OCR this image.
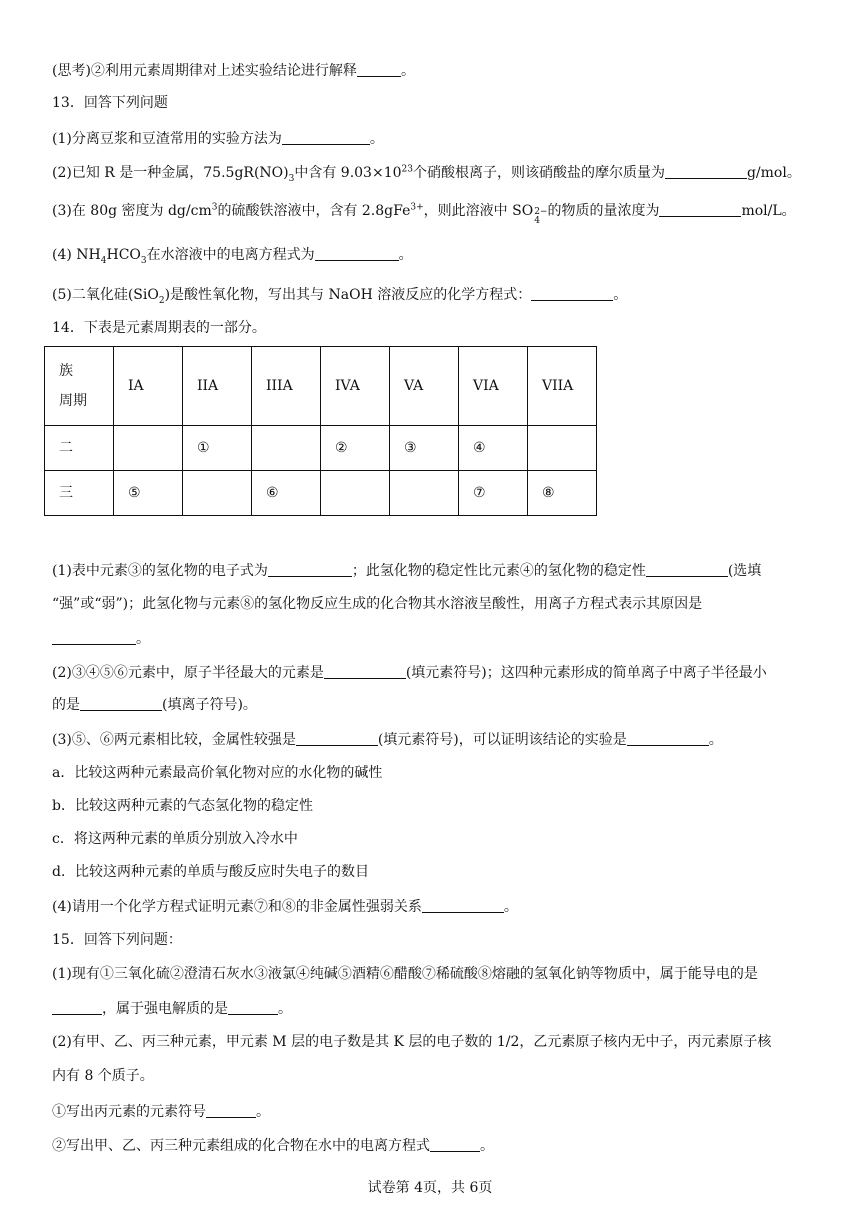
(思考)②利用元素周期律对上述实验结论进行解释	。
13．回答下列问题
(1)分离豆浆和豆渣常用的实验方法为	。
(2)已知 R 是一种金属，$75.5gR(NO)_3$中含有 $9.03\times 10^{23}$个硝酸根离子，则该硝酸盐的摩尔质量为	g/mol。
(3)在 80g 密度为 $dg/cm^3$的硫酸铁溶液中，含有 2.8gFe$^{3+}$，则此溶液中 SO 2−
4
的物质的量浓度为	mol/L。
(4) $NH_4HCO_3$在水溶液中的电离方程式为	。
(5)二氧化硅(SiO$_2$)是酸性氧化物，写出其与 NaOH 溶液反应的化学方程式：	。
14．下表是元素周期表的一部分。
族
周期	IA	IIA	IIIA	IVA	VA	VIA	VIIA
二		①		②	③	④	
三	⑤		⑥			⑦	⑧
(1)表中元素③的氢化物的电子式为	；此氢化物的稳定性比元素④的氢化物的稳定性	(选填
“强”或“弱”)；此氢化物与元素⑧的氢化物反应生成的化合物其水溶液呈酸性，用离子方程式表示其原因是
。
(2)③④⑤⑥元素中，原子半径最大的元素是	(填元素符号)；这四种元素形成的简单离子中离子半径最小
的是	(填离子符号)。
(3)⑤、⑥两元素相比较，金属性较强是	(填元素符号)，可以证明该结论的实验是	。
a．比较这两种元素最高价氧化物对应的水化物的碱性
b．比较这两种元素的气态氢化物的稳定性
c．将这两种元素的单质分别放入冷水中
d．比较这两种元素的单质与酸反应时失电子的数目
(4)请用一个化学方程式证明元素⑦和⑧的非金属性强弱关系	。
15．回答下列问题：
(1)现有①三氧化硫②澄清石灰水③液氯④纯碱⑤酒精⑥醋酸⑦稀硫酸⑧熔融的氢氧化钠等物质中，属于能导电的是
，属于强电解质的是	。
(2)有甲、乙、丙三种元素，甲元素 M 层的电子数是其 K 层的电子数的 1/2，乙元素原子核内无中子，丙元素原子核
内有 8 个质子。
①写出丙元素的元素符号	。
②写出甲、乙、丙三种元素组成的化合物在水中的电离方程式	。
试卷第 4页，共 6页
